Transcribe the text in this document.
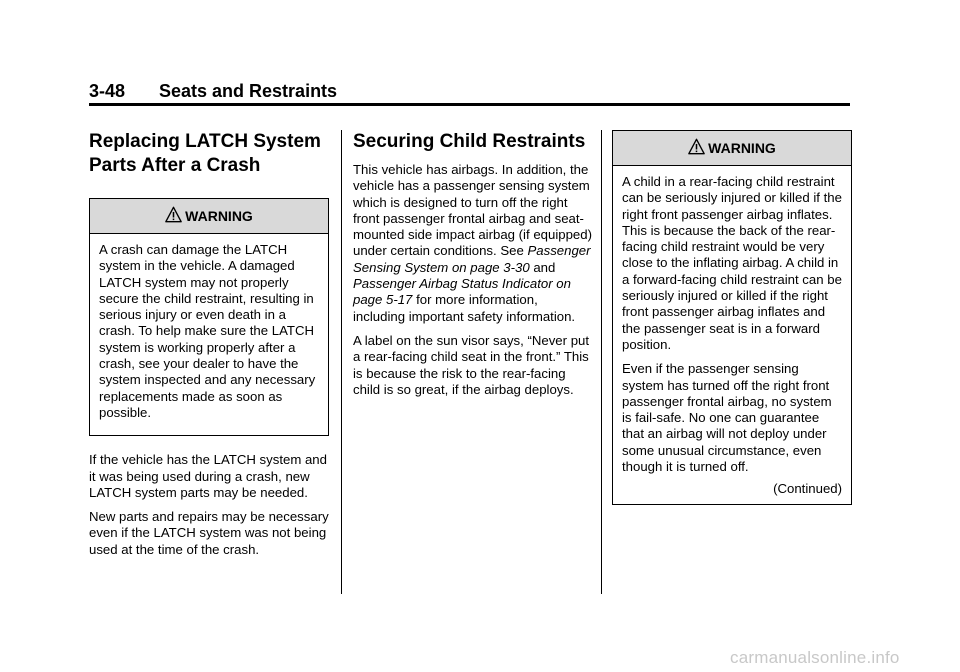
3-48 Seats and Restraints
Replacing LATCH System
Parts After a Crash
WARNING

A crash can damage the LATCH system in the vehicle. A damaged LATCH system may not properly secure the child restraint, resulting in serious injury or even death in a crash. To help make sure the LATCH system is working properly after a crash, see your dealer to have the system inspected and any necessary replacements made as soon as possible.

If the vehicle has the LATCH system and it was being used during a crash, new LATCH system parts may be needed.

New parts and repairs may be necessary even if the LATCH system was not being used at the time of the crash.

Securing Child Restraints

This vehicle has airbags. In addition, the vehicle has a passenger sensing system which is designed to turn off the right front passenger frontal airbag and seat-mounted side impact airbag (if equipped) under certain conditions. See Passenger Sensing System on page 3-30 and Passenger Airbag Status Indicator on page 5-17 for more information, including important safety information.

A label on the sun visor says, “Never put a rear-facing child seat in the front.” This is because the risk to the rear-facing child is so great, if the airbag deploys.

WARNING

A child in a rear-facing child restraint can be seriously injured or killed if the right front passenger airbag inflates. This is because the back of the rear-facing child restraint would be very close to the inflating airbag. A child in a forward-facing child restraint can be seriously injured or killed if the right front passenger airbag inflates and the passenger seat is in a forward position.

Even if the passenger sensing system has turned off the right front passenger frontal airbag, no system is fail-safe. No one can guarantee that an airbag will not deploy under some unusual circumstance, even though it is turned off.

(Continued)
carmanualsonline.info
